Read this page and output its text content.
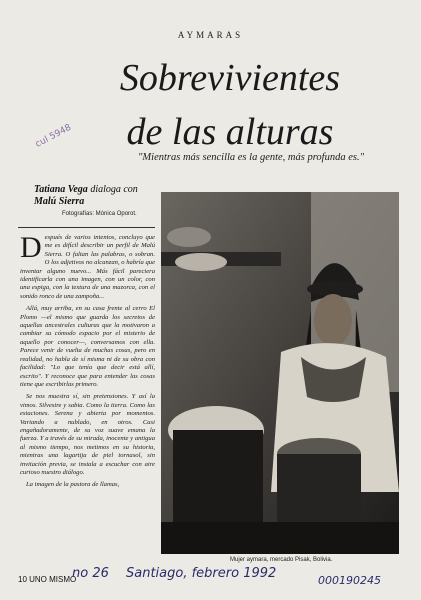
AYMARAS
Sobrevivientes
de las alturas
cul 5948
"Mientras más sencilla es la gente, más profunda es."
Tatiana Vega dialoga con
Malú Sierra
Fotografías: Mónica Oporot.

Después de varios intentos, concluyo que me es difícil describir un perfil de Malú Sierra. O faltan las palabras, o sobran. O los adjetivos no alcanzan, o habría que inventar alguno nuevo... Más fácil pareciera identificarla con una imagen, con un color, con una espiga, con la textura de una mazorca, con el sonido ronco de una zampoña...

Allá, muy arriba, en su casa frente al cerro El Plomo —el mismo que guarda los secretos de aquellas ancestrales culturas que la motivaron a cambiar su cómodo espacio por el misterio de aquello por conocer—, conversamos con ella. Parece venir de vuelta de muchas cosas, pero en realidad, no habla de sí misma ni de su obra con facilidad: "Lo que tenía que decir está allí, escrito". Y reconoce que para entender las cosas tiene que escribirlas primero.

Se nos muestra sí, sin pretensiones. Y así la vimos. Silvestre y sabia. Como la tierra. Como las estaciones. Serena y abierta por momentos. Variando a nublado, en otros. Casi engañadoramente, de su voz suave emana la fuerza. Y a través de su mirada, inocente y antigua al mismo tiempo, nos metimos en su historia, mientras una lagartija de piel tornasol, sin invitación previa, se instala a escuchar con aire curioso nuestro diálogo.

La imagen de la pastora de llamas,

Mujer aymara, mercado Pisak, Bolivia.
10 UNO MISMO
no 26 Santiago, febrero 1992	000190245
